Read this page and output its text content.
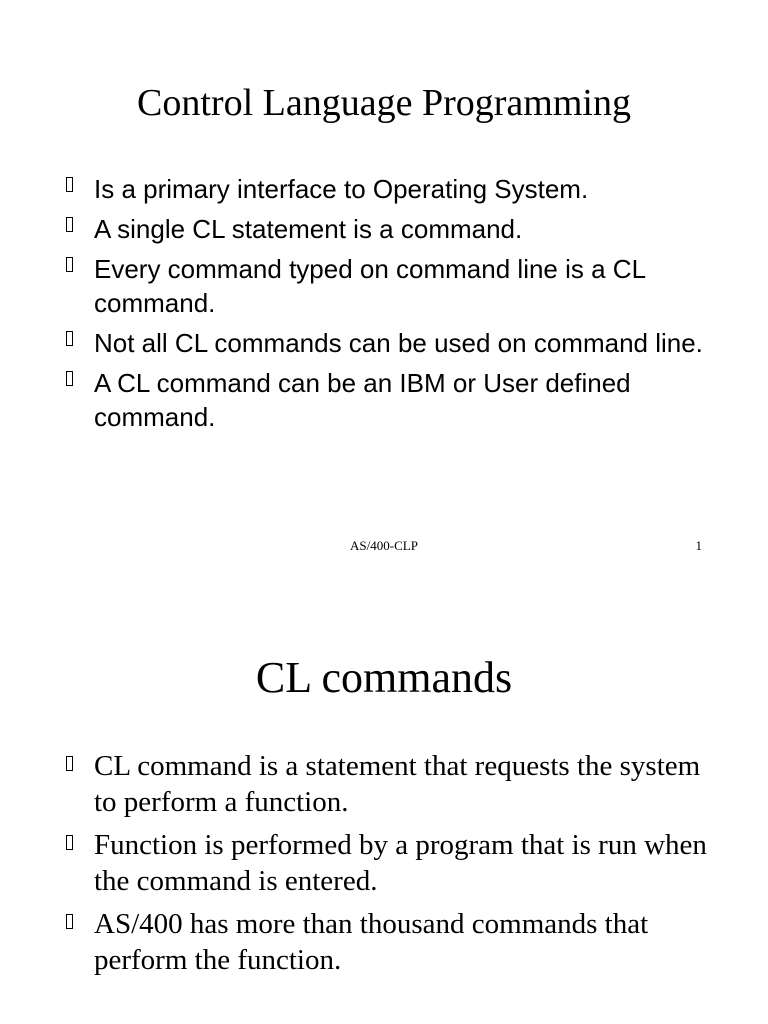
Control Language Programming
Is a primary interface to Operating System.
A single CL statement is a command.
Every command typed on command line is a CL command.
Not all CL commands can be used on command line.
A CL command can be an IBM or User defined command.
AS/400-CLP	1
CL commands
CL command is a statement that requests the system to perform a function.
Function is performed by a program that is run when the command is entered.
AS/400 has more than thousand commands that perform the function.
